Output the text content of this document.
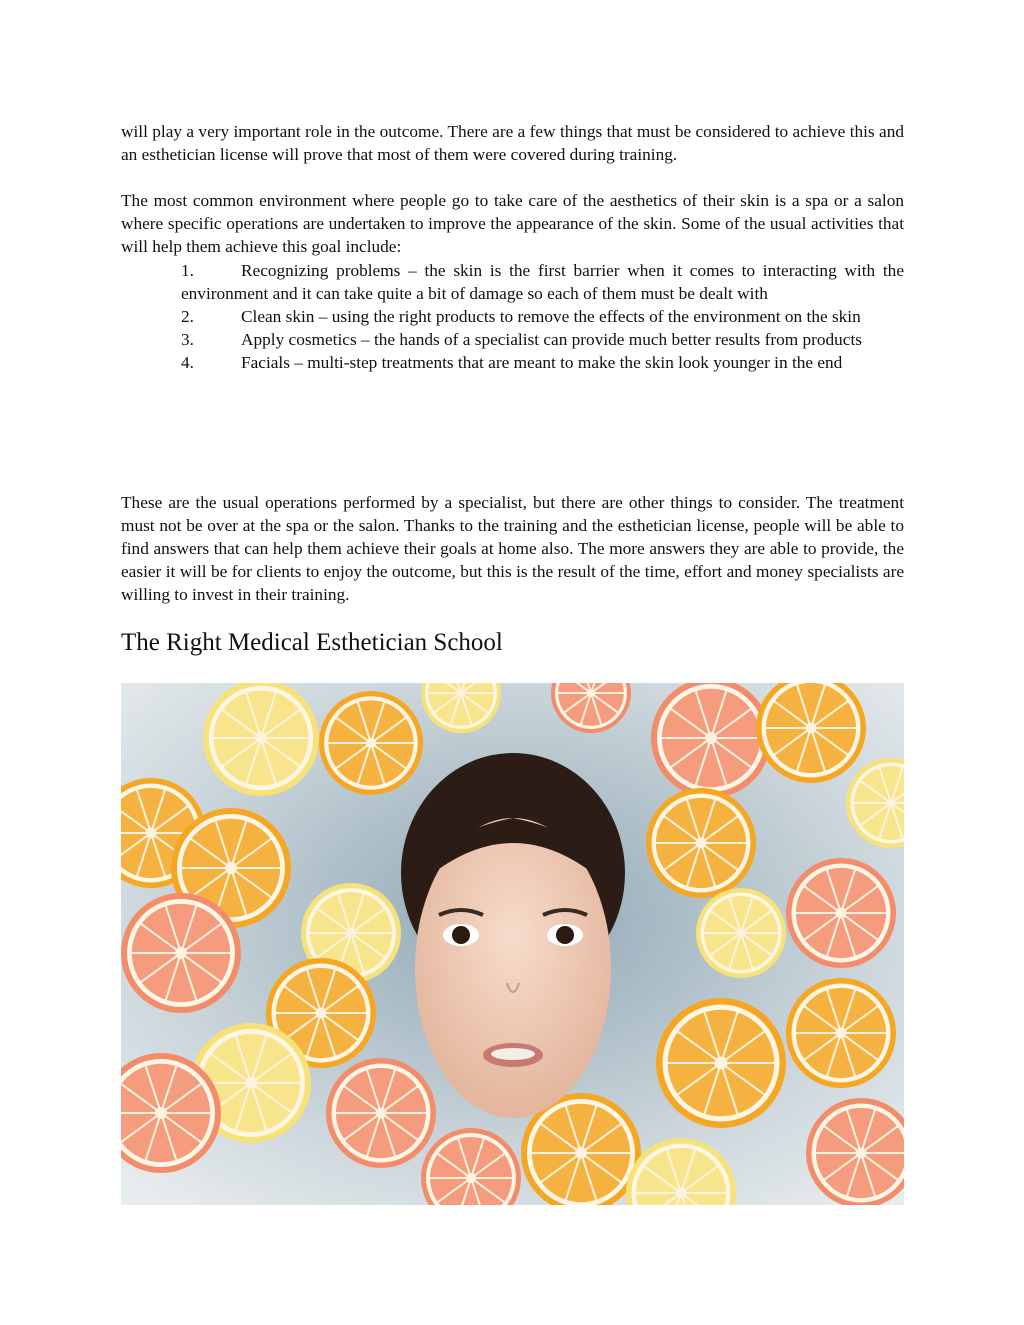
will play a very important role in the outcome. There are a few things that must be considered to achieve this and an esthetician license will prove that most of them were covered during training.

The most common environment where people go to take care of the aesthetics of their skin is a spa or a salon where specific operations are undertaken to improve the appearance of the skin. Some of the usual activities that will help them achieve this goal include:

1.	Recognizing problems – the skin is the first barrier when it comes to interacting with the environment and it can take quite a bit of damage so each of them must be dealt with
2.	Clean skin – using the right products to remove the effects of the environment on the skin
3.	Apply cosmetics – the hands of a specialist can provide much better results from products
4.	Facials – multi-step treatments that are meant to make the skin look younger in the end

These are the usual operations performed by a specialist, but there are other things to consider. The treatment must not be over at the spa or the salon. Thanks to the training and the esthetician license, people will be able to find answers that can help them achieve their goals at home also. The more answers they are able to provide, the easier it will be for clients to enjoy the outcome, but this is the result of the time, effort and money specialists are willing to invest in their training.

The Right Medical Esthetician School
